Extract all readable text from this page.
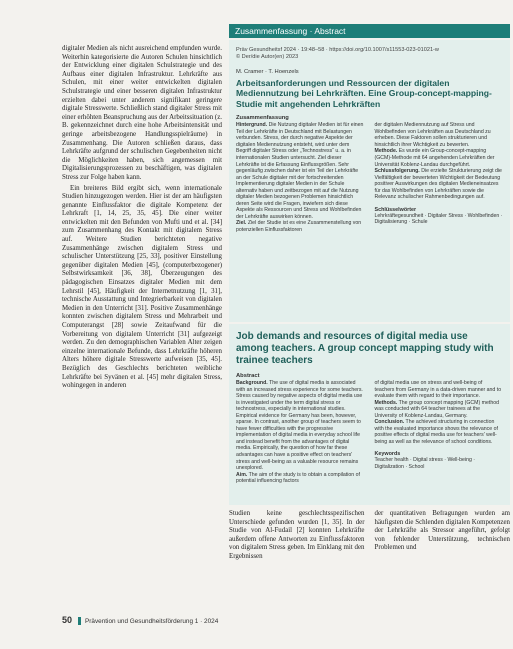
digitaler Medien als nicht ausreichend empfunden wurde. Weiterhin kategorisierte die Autoren Schulen hinsichtlich der Entwicklung einer digitalen Schulstrategie und des Aufbaus einer digitalen Infrastruktur. Lehrkräfte aus Schulen, mit einer weiter entwickelten digitalen Schulstrategie und einer besseren digitalen Infrastruktur erzielten dabei unter anderem signifikant geringere digitale Stresswerte. Schließlich stand digitaler Stress mit einer erhöhten Beanspruchung aus der Arbeitssituation (z. B. gekennzeichnet durch eine hohe Arbeitsintensität und geringe arbeitsbezogene Handlungsspielräume) in Zusammenhang. Die Autoren schließen daraus, dass Lehrkräfte aufgrund der schulischen Gegebenheiten nicht die Möglichkeiten haben, sich angemessen mit Digitalisierungsprozessen zu beschäftigen, was digitalen Stress zur Folge haben kann.

Ein breiteres Bild ergibt sich, wenn internationale Studien hinzugezogen werden. Hier ist der am häufigsten genannte Einflussfaktor die digitale Kompetenz der Lehrkraft [1, 14, 25, 35, 45]. Die einer weiter entwickelten mit den Befunden von Mufti und et al. [34] zum Zusammenhang des Kontakt mit digitalem Stress auf. Weitere Studien berichteten negative Zusammenhänge zwischen digitalem Stress und schulischer Unterstützung [25, 33], positiver Einstellung gegenüber digitalen Medien [45], (computerbezogener) Selbstwirksamkeit [36, 38], Überzeugungen des pädagogischen Einsatzes digitaler Medien mit dem Lehrstil [45], Häufigkeit der Internetnutzung [1, 31], technische Ausstattung und Integrierbarkeit von digitalen Medien in den Unterricht [31]. Positive Zusammenhänge konnten zwischen digitalem Stress und Mehrarbeit und Computerangst [28] sowie Zeitaufwand für die Vorbereitung von digitalem Unterricht [31] aufgezeigt werden. Zu den demographischen Variablen Alter zeigen einzelne internationale Befunde, dass Lehrkräfte höheren Alters höhere digitale Stresswerte aufweisen [35, 45]. Bezüglich des Geschlechts berichteten weibliche Lehrkräfte bei Syvänen et al. [45] mehr digitalen Stress, wohingegen in anderen

Zusammenfassung · Abstract
Präv Gesundheitsf 2024 · 19:48–58 · https://doi.org/10.1007/s11553-023-01021-w
© Der/die Autor(en) 2023
M. Cramer · T. Hoenzels
Arbeitsanforderungen und Ressourcen der digitalen Mediennutzung bei Lehrkräften. Eine Group-concept-mapping-Studie mit angehenden Lehrkräften
Zusammenfassung

Hintergrund. Die Nutzung digitaler Medien ist für einen Teil der Lehrkräfte in Deutschland mit Belastungen verbunden. Stress, der durch negative Aspekte der digitalen Mediennutzung entsteht, wird unter dem Begriff digitaler Stress oder „Technostress“ u. a. in internationalen Studien untersucht. Ziel dieser Lehrkräfte ist die Erfassung Einflussgrößen. Sehr gegenläufig zwischen daher ist ein Teil der Lehrkräfte an der Schule digitaler mit der fortschreitenden Implementierung digitaler Medien in der Schule alternativ haben und zeitbezogen mit auf die Nutzung digitaler Medien bezogenen Problemen hinsichtlich deren Seite wird die Fragen, inwiefern sich diese Aspekte als Ressourcen und Stress und Wohlbefinden der Lehrkräfte auswirken können.

Ziel. Ziel der Studie ist es eine Zusammenstellung von potenziellen Einflussfaktoren

der digitalen Mediennutzung auf Stress und Wohlbefinden von Lehrkräften aus Deutschland zu erheben. Diese Faktoren sollen strukturieren und hinsichtlich ihrer Wichtigkeit zu bewerten.

Methode. Es wurde ein Group-concept-mapping (GCM)-Methode mit 64 angehenden Lehrkräften der Universität Koblenz-Landau durchgeführt.

Schlussfolgerung. Die erzielte Strukturierung zeigt die Vielfältigkeit der bewerteten Wichtigkeit der Bedeutung positiver Auswirkungen des digitalen Medieneinsatzes für das Wohlbefinden von Lehrkräften sowie die Relevanz schulischer Rahmenbedingungen auf.

Schlüsselwörter
Lehrkräftegesundheit · Digitaler Stress · Wohlbefinden · Digitalisierung · Schule
Job demands and resources of digital media use among teachers. A group concept mapping study with trainee teachers
Abstract

Background. The use of digital media is associated with an increased stress experience for some teachers. Stress caused by negative aspects of digital media use is investigated under the term digital stress or technostress, especially in international studies. Empirical evidence for Germany has been, however, sparse. In contrast, another group of teachers seem to have fewer difficulties with the progressive implementation of digital media in everyday school life and instead benefit from the advantages of digital media. Empirically, the question of how far these advantages can have a positive effect on teachers' stress and well-being as a valuable resource remains unexplored.

Aim. The aim of the study is to obtain a compilation of potential influencing factors

of digital media use on stress and well-being of teachers from Germany in a data-driven manner and to evaluate them with regard to their importance.

Methods. The group concept mapping (GCM) method was conducted with 64 teacher trainees at the University of Koblenz-Landau, Germany.

Conclusion. The achieved structuring in connection with the evaluated importance shows the relevance of positive effects of digital media use for teachers' well-being as well as the relevance of school conditions.

Keywords
Teacher health · Digital stress · Well-being · Digitalization · School
Studien keine geschlechtsspezifischen Unterschiede gefunden wurden [1, 35]. In der Studie von Al-Fudail [2] konnten Lehrkräfte außerdem offene Antworten zu Einflussfaktoren von digitalem Stress geben. Im Einklang mit den Ergebnissen
der quantitativen Befragungen wurden am häufigsten die Schlenden digitalen Kompetenzen der Lehrkräfte als Stressor angeführt, gefolgt von fehlender Unterstützung, technischen Problemen und
50 Prävention und Gesundheitsförderung 1 · 2024
